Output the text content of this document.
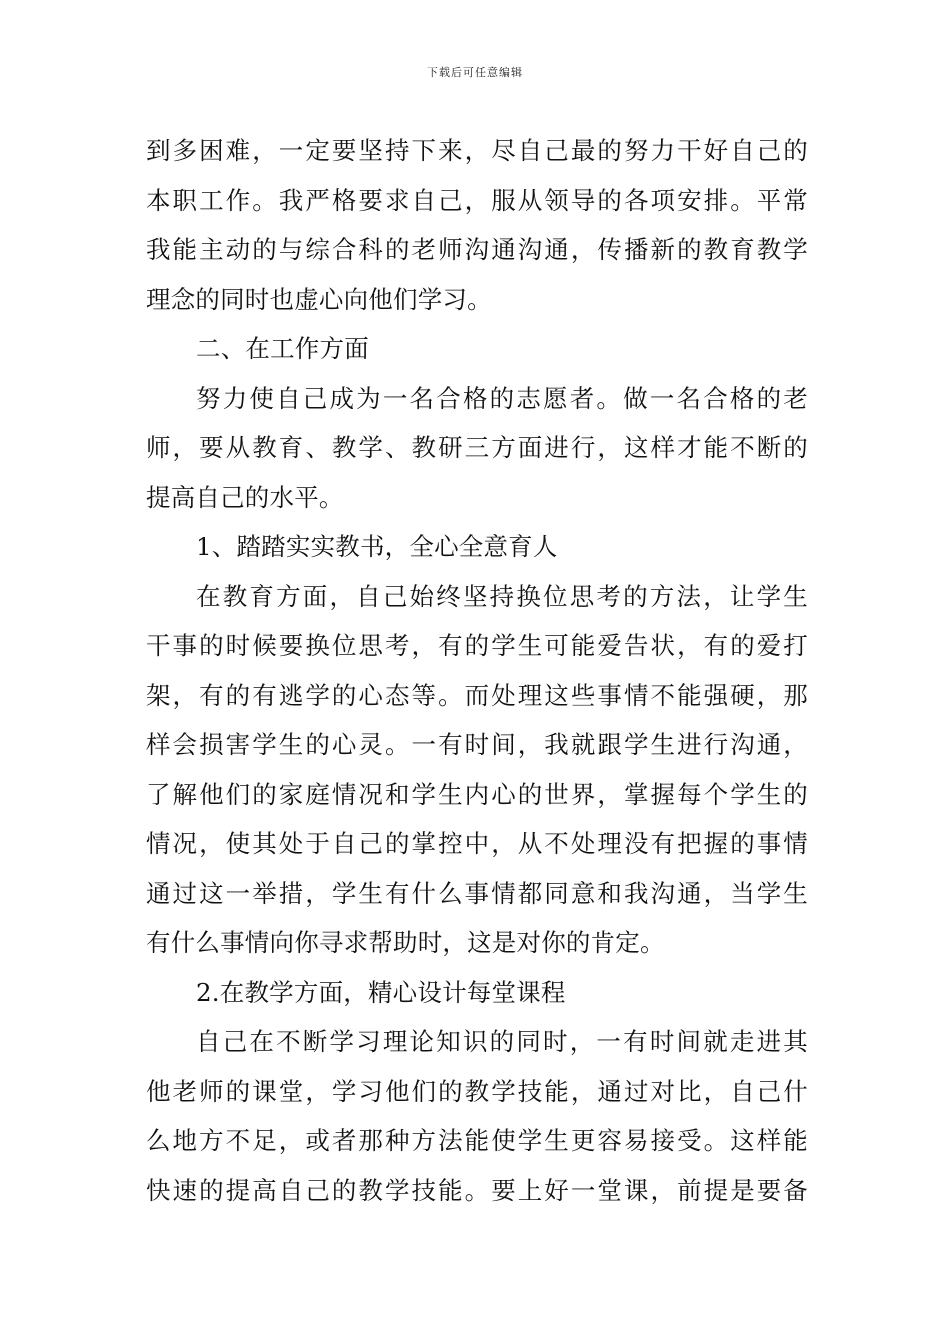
下载后可任意编辑
到多困难，一定要坚持下来，尽自己最的努力干好自己的
本职工作。我严格要求自己，服从领导的各项安排。平常
我能主动的与综合科的老师沟通沟通，传播新的教育教学
理念的同时也虚心向他们学习。
二、在工作方面
努力使自己成为一名合格的志愿者。做一名合格的老
师，要从教育、教学、教研三方面进行，这样才能不断的
提高自己的水平。
1、踏踏实实教书，全心全意育人
在教育方面，自己始终坚持换位思考的方法，让学生
干事的时候要换位思考，有的学生可能爱告状，有的爱打
架，有的有逃学的心态等。而处理这些事情不能强硬，那
样会损害学生的心灵。一有时间，我就跟学生进行沟通，
了解他们的家庭情况和学生内心的世界，掌握每个学生的
情况，使其处于自己的掌控中，从不处理没有把握的事情
通过这一举措，学生有什么事情都同意和我沟通，当学生
有什么事情向你寻求帮助时，这是对你的肯定。
2.在教学方面，精心设计每堂课程
自己在不断学习理论知识的同时，一有时间就走进其
他老师的课堂，学习他们的教学技能，通过对比，自己什
么地方不足，或者那种方法能使学生更容易接受。这样能
快速的提高自己的教学技能。要上好一堂课，前提是要备
